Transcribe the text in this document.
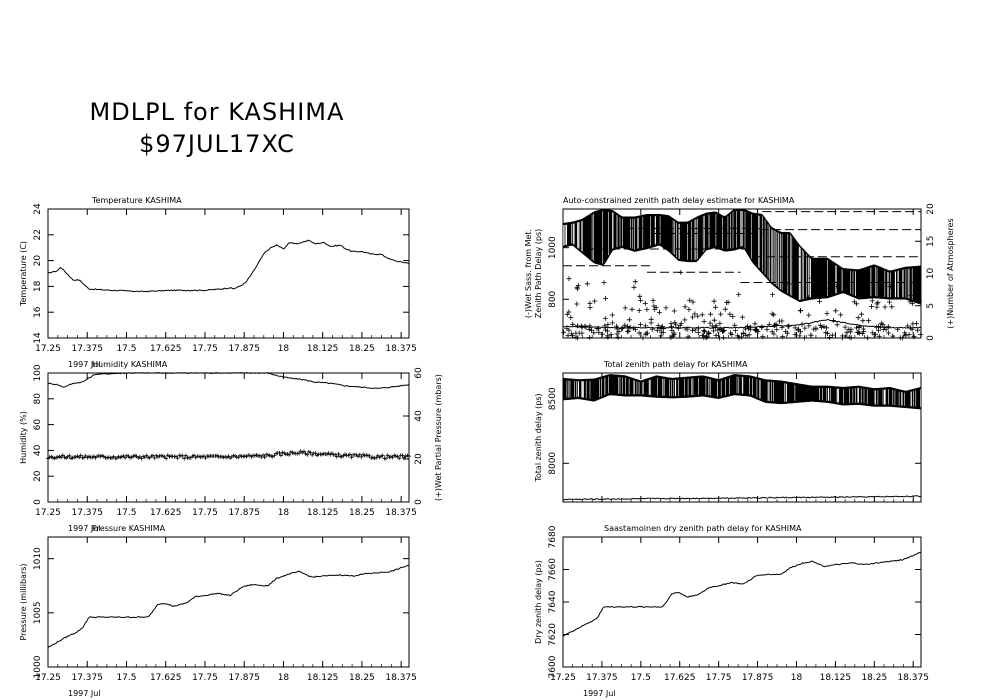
MDLPL for KASHIMA
$97JUL17XC
Temperature KASHIMA
17.25 17.375 17.5 17.625 17.75 17.875 18 18.125 18.25 18.375
1997 Jul
14
16
18
20
22
24
Temperature (C)
Humidity KASHIMA
17.25 17.375 17.5 17.625 17.75 17.875 18 18.125 18.25 18.375
1997 Jul
0
20
40
60
80
100
Humidity (%)
0
20
40
60
(+)Wet Partial Pressure (mbars)
Pressure KASHIMA
17.25 17.375 17.5 17.625 17.75 17.875 18 18.125 18.25 18.375
1997 Jul
1000
1005
1010
Pressure (millibars)
Auto-constrained zenith path delay estimate for KASHIMA
800
1000
Zenith Path Delay (ps)
(-)Wet Sass. from Met.
0
5
10
15
20
(+)Number of Atmospheres
Total zenith path delay for KASHIMA
8000
8500
Total zenith delay (ps)
Saastamoinen dry zenith path delay for KASHIMA
17.25 17.375 17.5 17.625 17.75 17.875 18 18.125 18.25 18.375
1997 Jul
7600
7620
7640
7660
7680
Dry zenith delay (ps)
